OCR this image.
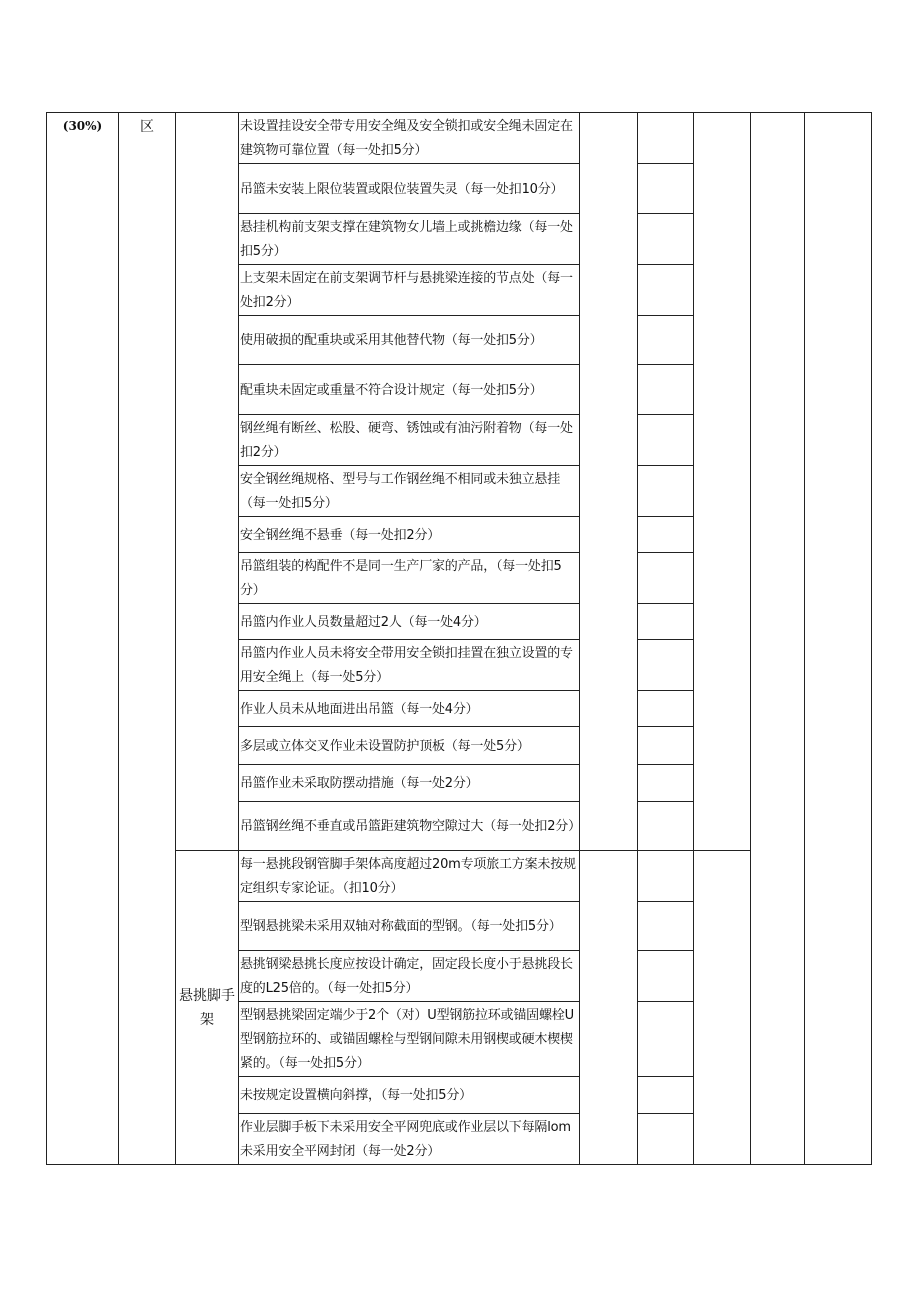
(30%)	区		未设置挂设安全带专用安全绳及安全锁扣或安全绳未固定在建筑物可靠位置（每一处扣5分）					
			吊篮未安装上限位装置或限位装置失灵（每一处扣10分）					
			悬挂机构前支架支撑在建筑物女儿墙上或挑檐边缘（每一处扣5分）					
			上支架未固定在前支架调节杆与悬挑梁连接的节点处（每一处扣2分）					
			使用破损的配重块或采用其他替代物（每一处扣5分）					
			配重块未固定或重量不符合设计规定（每一处扣5分）					
			钢丝绳有断丝、松股、硬弯、锈蚀或有油污附着物（每一处扣2分）					
			安全钢丝绳规格、型号与工作钢丝绳不相同或未独立悬挂（每一处扣5分）					
			安全钢丝绳不悬垂（每一处扣2分）					
			吊篮组装的构配件不是同一生产厂家的产品，（每一处扣5分）					
			吊篮内作业人员数量超过2人（每一处4分）					
			吊篮内作业人员未将安全带用安全锁扣挂置在独立设置的专用安全绳上（每一处5分）					
			作业人员未从地面进出吊篮（每一处4分）					
			多层或立体交叉作业未设置防护顶板（每一处5分）					
			吊篮作业未采取防摆动措施（每一处2分）					
			吊篮钢丝绳不垂直或吊篮距建筑物空隙过大（每一处扣2分）					
		悬挑脚手架	每一悬挑段钢管脚手架体高度超过20m专项旅工方案未按规定组织专家论证。（扣10分）					
			型钢悬挑梁未采用双轴对称截面的型钢。（每一处扣5分）					
			悬挑钢梁悬挑长度应按设计确定，固定段长度小于悬挑段长度的L25倍的。（每一处扣5分）					
			型钢悬挑梁固定端少于2个（对）U型钢筋拉环或锚固螺栓U型钢筋拉环的、或锚固螺栓与型钢间隙未用钢楔或硬木楔楔紧的。（每一处扣5分）					
			未按规定设置横向斜撑，（每一处扣5分）					
			作业层脚手板下未采用安全平网兜底或作业层以下每隔lom未采用安全平网封闭（每一处2分）					
